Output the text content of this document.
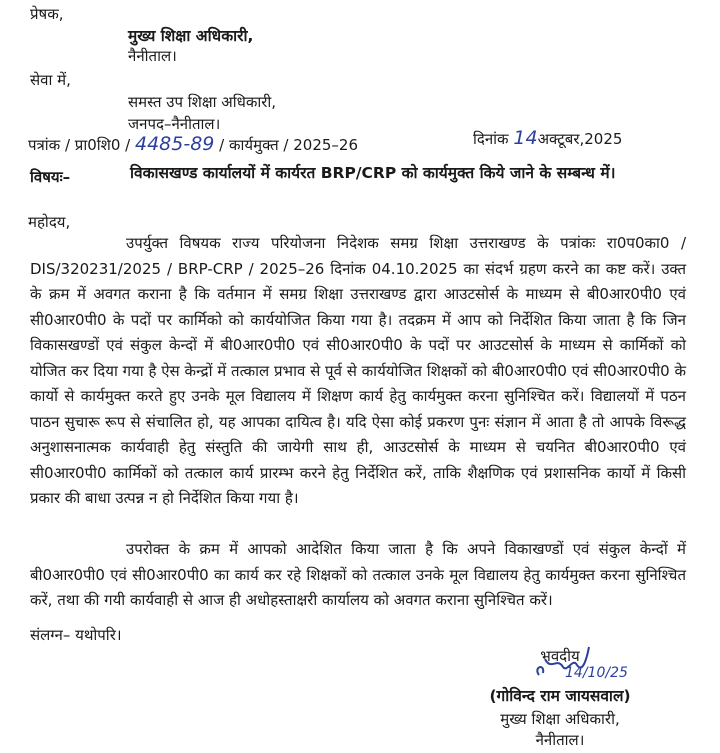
प्रेषक,
मुख्य शिक्षा अधिकारी,
नैनीताल।
सेवा में,
समस्त उप शिक्षा अधिकारी,
जनपद–नैनीताल।
पत्रांक / प्रा0शि0 / 4485-89 / कार्यमुक्त / 2025–26	दिनांक 14अक्टूबर,2025
विषयः–	विकासखण्ड कार्यालयों में कार्यरत BRP/CRP को कार्यमुक्त किये जाने के सम्बन्ध में।
महोदय,
उपर्युक्त विषयक राज्य परियोजना निदेशक समग्र शिक्षा उत्तराखण्ड के पत्रांकः रा0प0का0 / DIS/320231/2025 / BRP-CRP / 2025–26 दिनांक 04.10.2025 का संदर्भ ग्रहण करने का कष्ट करें। उक्त के क्रम में अवगत कराना है कि वर्तमान में समग्र शिक्षा उत्तराखण्ड द्वारा आउटसोर्स के माध्यम से बी0आर0पी0 एवं सी0आर0पी0 के पदों पर कार्मिको को कार्ययोजित किया गया है। तदक्रम में आप को निर्देशित किया जाता है कि जिन विकासखण्डों एवं संकुल केन्दों में बी0आर0पी0 एवं सी0आर0पी0 के पदों पर आउटसोर्स के माध्यम से कार्मिकों को योजित कर दिया गया है ऐस केन्द्रों में तत्काल प्रभाव से पूर्व से कार्ययोजित शिक्षकों को बी0आर0पी0 एवं सी0आर0पी0 के कार्यो से कार्यमुक्त करते हुए उनके मूल विद्यालय में शिक्षण कार्य हेतु कार्यमुक्त करना सुनिश्चित करें। विद्यालयों में पठन पाठन सुचारू रूप से संचालित हो, यह आपका दायित्व है। यदि ऐसा कोई प्रकरण पुनः संज्ञान में आता है तो आपके विरूद्ध अनुशासनात्मक कार्यवाही हेतु संस्तुति की जायेगी साथ ही, आउटसोर्स के माध्यम से चयनित बी0आर0पी0 एवं सी0आर0पी0 कार्मिकों को तत्काल कार्य प्रारम्भ करने हेतु निर्देशित करें, ताकि शैक्षणिक एवं प्रशासनिक कार्यो में किसी प्रकार की बाधा उत्पन्न न हो निर्देशित किया गया है।
उपरोक्त के क्रम में आपको आदेशित किया जाता है कि अपने विकाखण्डों एवं संकुल केन्दों में बी0आर0पी0 एवं सी0आर0पी0 का कार्य कर रहे शिक्षकों को तत्काल उनके मूल विद्यालय हेतु कार्यमुक्त करना सुनिश्चित करें, तथा की गयी कार्यवाही से आज ही अधोहस्ताक्षरी कार्यालय को अवगत कराना सुनिश्चित करें।
संलग्न– यथोपरि।
भवदीय
14/10/25
(गोविन्द राम जायसवाल)
मुख्य शिक्षा अधिकारी,
नैनीताल।
